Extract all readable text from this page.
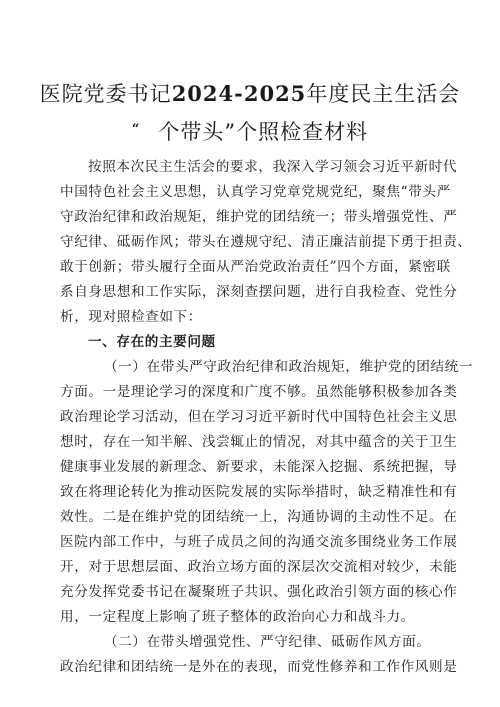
医院党委书记2024-2025年度民主生活会
“ 个带头”个照检查材料
按照本次民主生活会的要求，我深入学习领会习近平新时代
中国特色社会主义思想，认真学习党章党规党纪，聚焦“带头严
守政治纪律和政治规矩，维护党的团结统一；带头增强党性、严
守纪律、砥砺作风；带头在遵规守纪、清正廉洁前提下勇于担责、
敢于创新；带头履行全面从严治党政治责任”四个方面，紧密联
系自身思想和工作实际，深刻查摆问题，进行自我检查、党性分
析，现对照检查如下：
一、存在的主要问题
（一）在带头严守政治纪律和政治规矩，维护党的团结统一
方面。一是理论学习的深度和广度不够。虽然能够积极参加各类
政治理论学习活动，但在学习习近平新时代中国特色社会主义思
想时，存在一知半解、浅尝辄止的情况，对其中蕴含的关于卫生
健康事业发展的新理念、新要求，未能深入挖掘、系统把握，导
致在将理论转化为推动医院发展的实际举措时，缺乏精准性和有
效性。二是在维护党的团结统一上，沟通协调的主动性不足。在
医院内部工作中，与班子成员之间的沟通交流多围绕业务工作展
开，对于思想层面、政治立场方面的深层次交流相对较少，未能
充分发挥党委书记在凝聚班子共识、强化政治引领方面的核心作
用，一定程度上影响了班子整体的政治向心力和战斗力。
（二）在带头增强党性、严守纪律、砥砺作风方面。
政治纪律和团结统一是外在的表现，而党性修养和工作作风则是
